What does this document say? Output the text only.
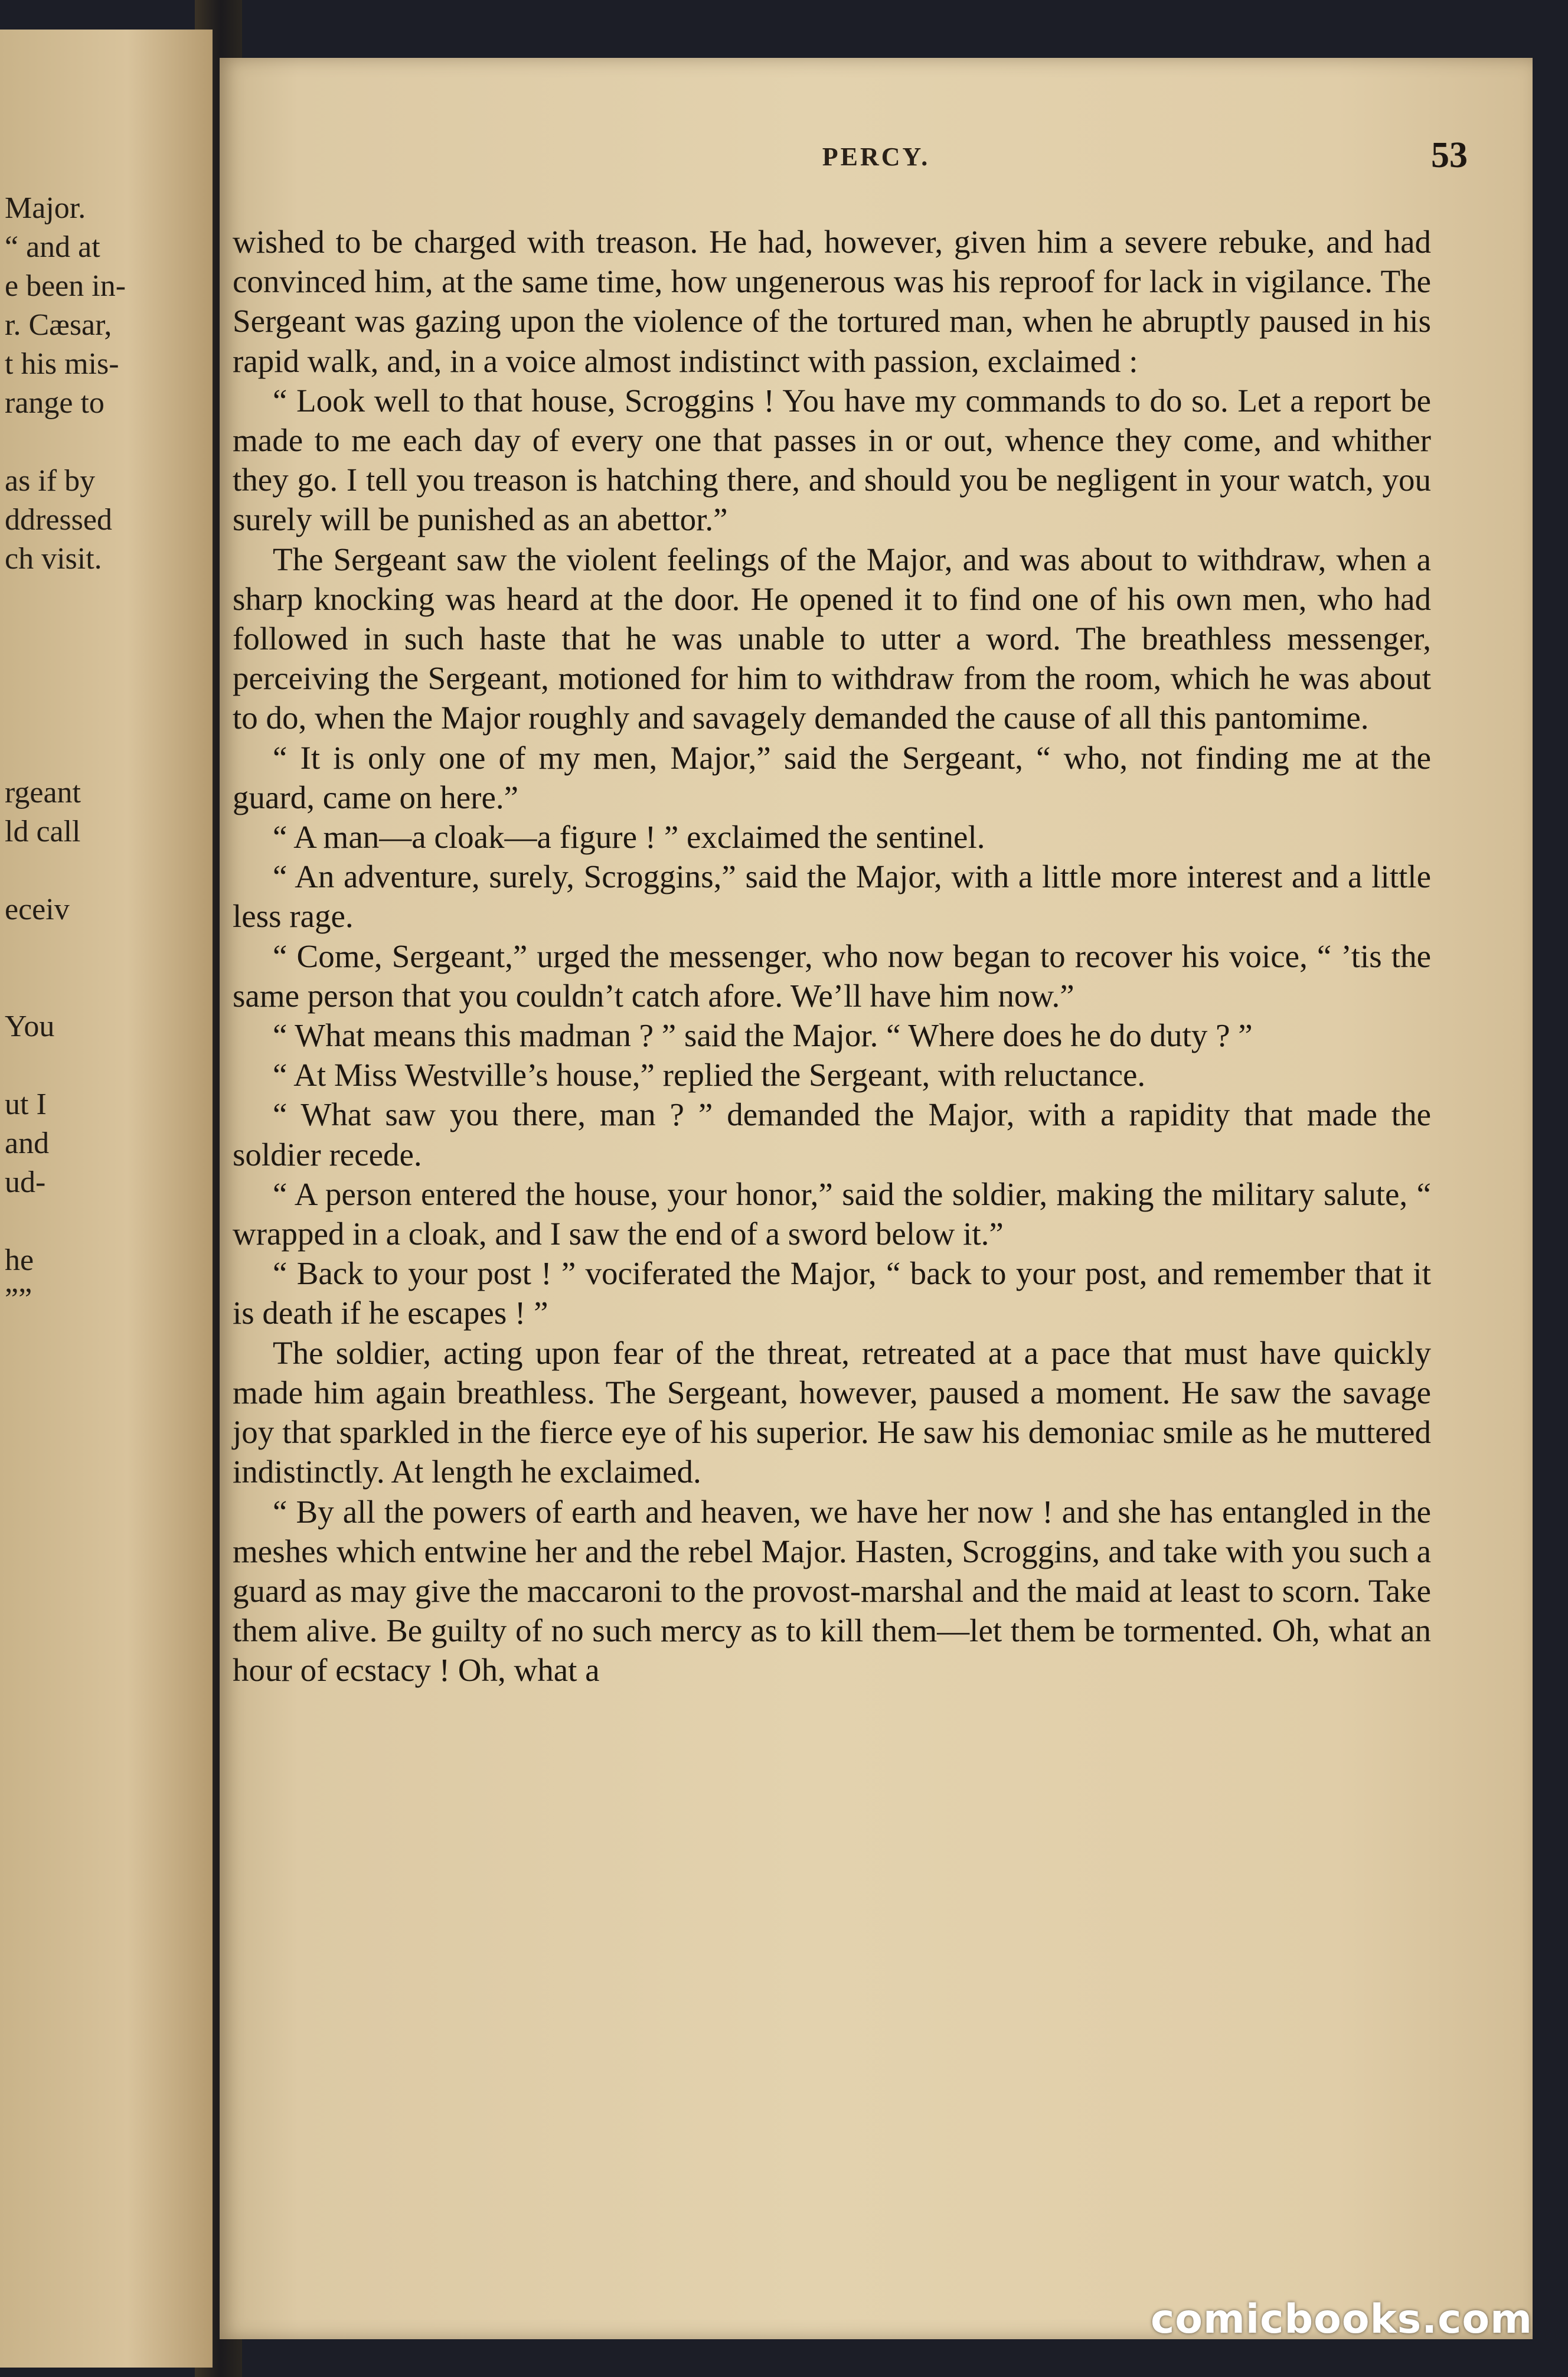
Major.
“ and at
e been in-
r. Cæsar,
t his mis-
range to
as if by
ddressed
ch visit.
rgeant
ld call
eceiv
You
ut I
and
ud-
he
””
PERCY.	53

wished to be charged with treason. He had, however, given him a severe rebuke, and had convinced him, at the same time, how ungenerous was his reproof for lack in vigilance. The Sergeant was gazing upon the violence of the tortured man, when he abruptly paused in his rapid walk, and, in a voice almost indistinct with passion, exclaimed :

“ Look well to that house, Scroggins ! You have my commands to do so. Let a report be made to me each day of every one that passes in or out, whence they come, and whither they go. I tell you treason is hatching there, and should you be negligent in your watch, you surely will be punished as an abettor.”

The Sergeant saw the violent feelings of the Major, and was about to withdraw, when a sharp knocking was heard at the door. He opened it to find one of his own men, who had followed in such haste that he was unable to utter a word. The breathless messenger, perceiving the Sergeant, motioned for him to withdraw from the room, which he was about to do, when the Major roughly and savagely demanded the cause of all this pantomime.

“ It is only one of my men, Major,” said the Sergeant, “ who, not finding me at the guard, came on here.”

“ A man—a cloak—a figure ! ” exclaimed the sentinel.

“ An adventure, surely, Scroggins,” said the Major, with a little more interest and a little less rage.

“ Come, Sergeant,” urged the messenger, who now began to recover his voice, “ ’tis the same person that you couldn’t catch afore. We’ll have him now.”

“ What means this madman ? ” said the Major. “ Where does he do duty ? ”

“ At Miss Westville’s house,” replied the Sergeant, with reluctance.

“ What saw you there, man ? ” demanded the Major, with a rapidity that made the soldier recede.

“ A person entered the house, your honor,” said the soldier, making the military salute, “ wrapped in a cloak, and I saw the end of a sword below it.”

“ Back to your post ! ” vociferated the Major, “ back to your post, and remember that it is death if he escapes ! ”

The soldier, acting upon fear of the threat, retreated at a pace that must have quickly made him again breathless. The Sergeant, however, paused a moment. He saw the savage joy that sparkled in the fierce eye of his superior. He saw his demoniac smile as he muttered indistinctly. At length he exclaimed.

“ By all the powers of earth and heaven, we have her now ! and she has entangled in the meshes which entwine her and the rebel Major. Hasten, Scroggins, and take with you such a guard as may give the maccaroni to the provost-marshal and the maid at least to scorn. Take them alive. Be guilty of no such mercy as to kill them—let them be tormented. Oh, what an hour of ecstacy ! Oh, what a

comicbooks.com
